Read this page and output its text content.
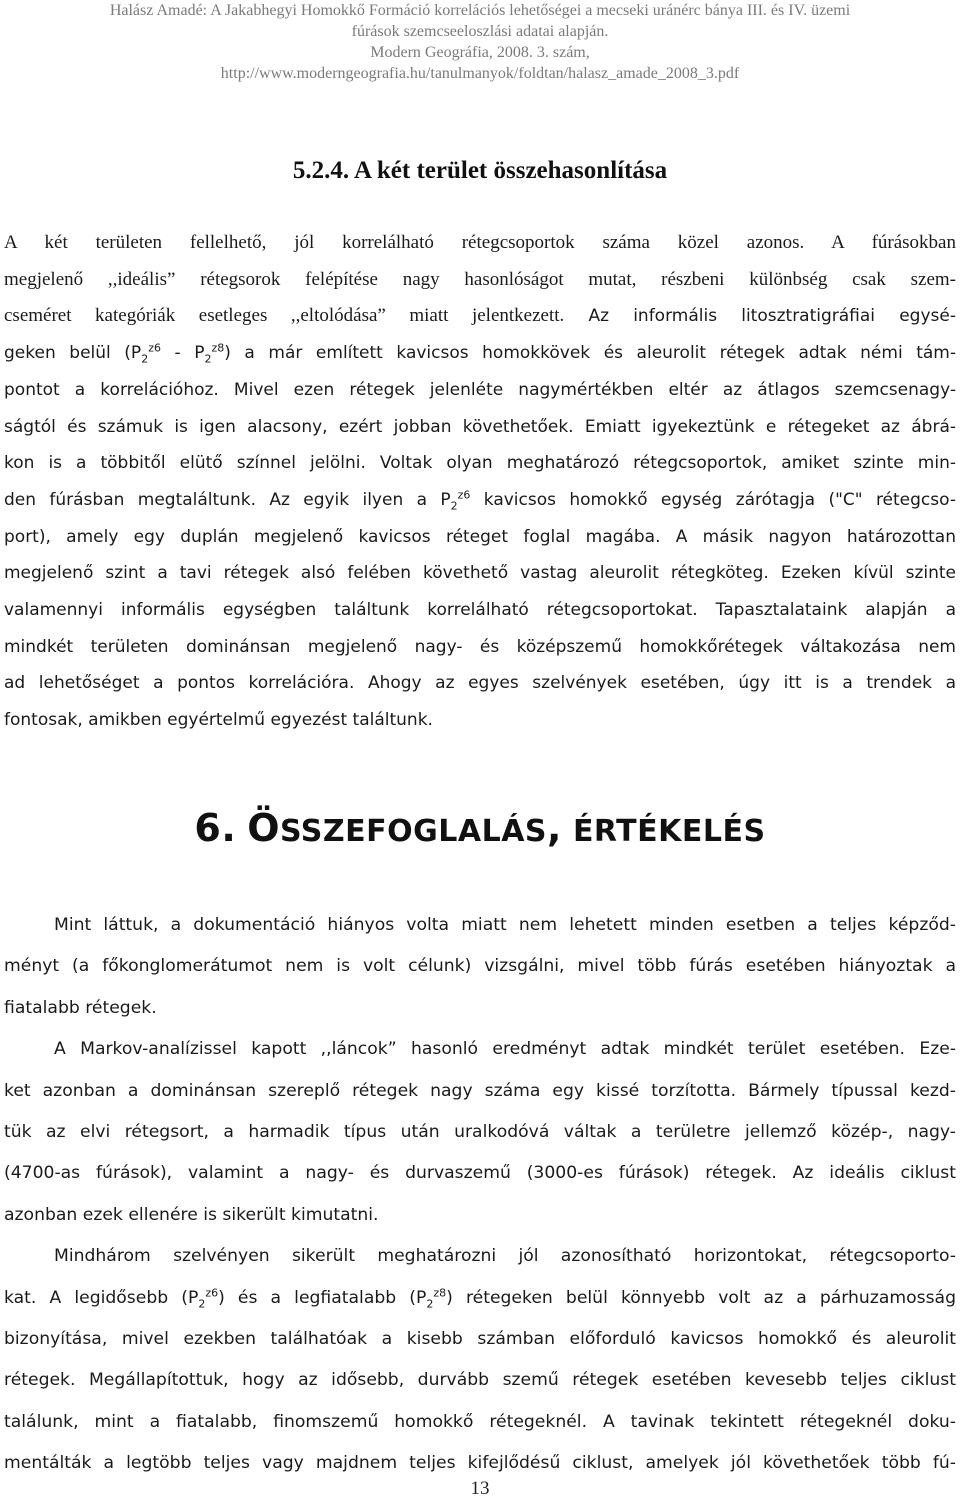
Halász Amadé: A Jakabhegyi Homokkő Formáció korrelációs lehetőségei a mecseki uránérc bánya III. és IV. üzemi
fúrások szemcseeloszlási adatai alapján.
Modern Geográfia, 2008. 3. szám,
http://www.moderngeografia.hu/tanulmanyok/foldtan/halasz_amade_2008_3.pdf
5.2.4. A két terület összehasonlítása
A két területen fellelhető, jól korrelálható rétegcsoportok száma közel azonos. A fúrásokban
megjelenő ,,ideális” rétegsorok felépítése nagy hasonlóságot mutat, részbeni különbség csak szem-
cseméret kategóriák esetleges ,,eltolódása” miatt jelentkezett. Az informális litosztratigráfiai egysé-
geken belül $(P_2^{z6} - P_2^{z8})$ a már említett kavicsos homokkövek és aleurolit rétegek adtak némi tám-
pontot a korrelációhoz. Mivel ezen rétegek jelenléte nagymértékben eltér az átlagos szemcsenagy-
ságtól és számuk is igen alacsony, ezért jobban követhetőek. Emiatt igyekeztünk e rétegeket az ábrá-
kon is a többitől elütő színnel jelölni. Voltak olyan meghatározó rétegcsoportok, amiket szinte min-
den fúrásban megtaláltunk. Az egyik ilyen a $P_2^{z6}$ kavicsos homokkő egység zárótagja ("C" rétegcso-
port), amely egy duplán megjelenő kavicsos réteget foglal magába. A másik nagyon határozottan
megjelenő szint a tavi rétegek alsó felében követhető vastag aleurolit rétegköteg. Ezeken kívül szinte
valamennyi informális egységben találtunk korrelálható rétegcsoportokat. Tapasztalataink alapján a
mindkét területen dominánsan megjelenő nagy- és középszemű homokkőrétegek váltakozása nem
ad lehetőséget a pontos korrelációra. Ahogy az egyes szelvények esetében, úgy itt is a trendek a
fontosak, amikben egyértelmű egyezést találtunk.
6. ÖSSZEFOGLALÁS, ÉRTÉKELÉS
Mint láttuk, a dokumentáció hiányos volta miatt nem lehetett minden esetben a teljes képződ-
ményt (a főkonglomerátumot nem is volt célunk) vizsgálni, mivel több fúrás esetében hiányoztak a
fiatalabb rétegek.
A Markov-analízissel kapott ,,láncok” hasonló eredményt adtak mindkét terület esetében. Eze-
ket azonban a dominánsan szereplő rétegek nagy száma egy kissé torzította. Bármely típussal kezd-
tük az elvi rétegsort, a harmadik típus után uralkodóvá váltak a területre jellemző közép-, nagy-
(4700-as fúrások), valamint a nagy- és durvaszemű (3000-es fúrások) rétegek. Az ideális ciklust
azonban ezek ellenére is sikerült kimutatni.
Mindhárom szelvényen sikerült meghatározni jól azonosítható horizontokat, rétegcsoporto-
kat. A legidősebb $(P_2^{z6})$ és a legfiatalabb $(P_2^{z8})$ rétegeken belül könnyebb volt az a párhuzamosság
bizonyítása, mivel ezekben találhatóak a kisebb számban előforduló kavicsos homokkő és aleurolit
rétegek. Megállapítottuk, hogy az idősebb, durvább szemű rétegek esetében kevesebb teljes ciklust
találunk, mint a fiatalabb, finomszemű homokkő rétegeknél. A tavinak tekintett rétegeknél doku-
mentálták a legtöbb teljes vagy majdnem teljes kifejlődésű ciklust, amelyek jól követhetőek több fú-
13
